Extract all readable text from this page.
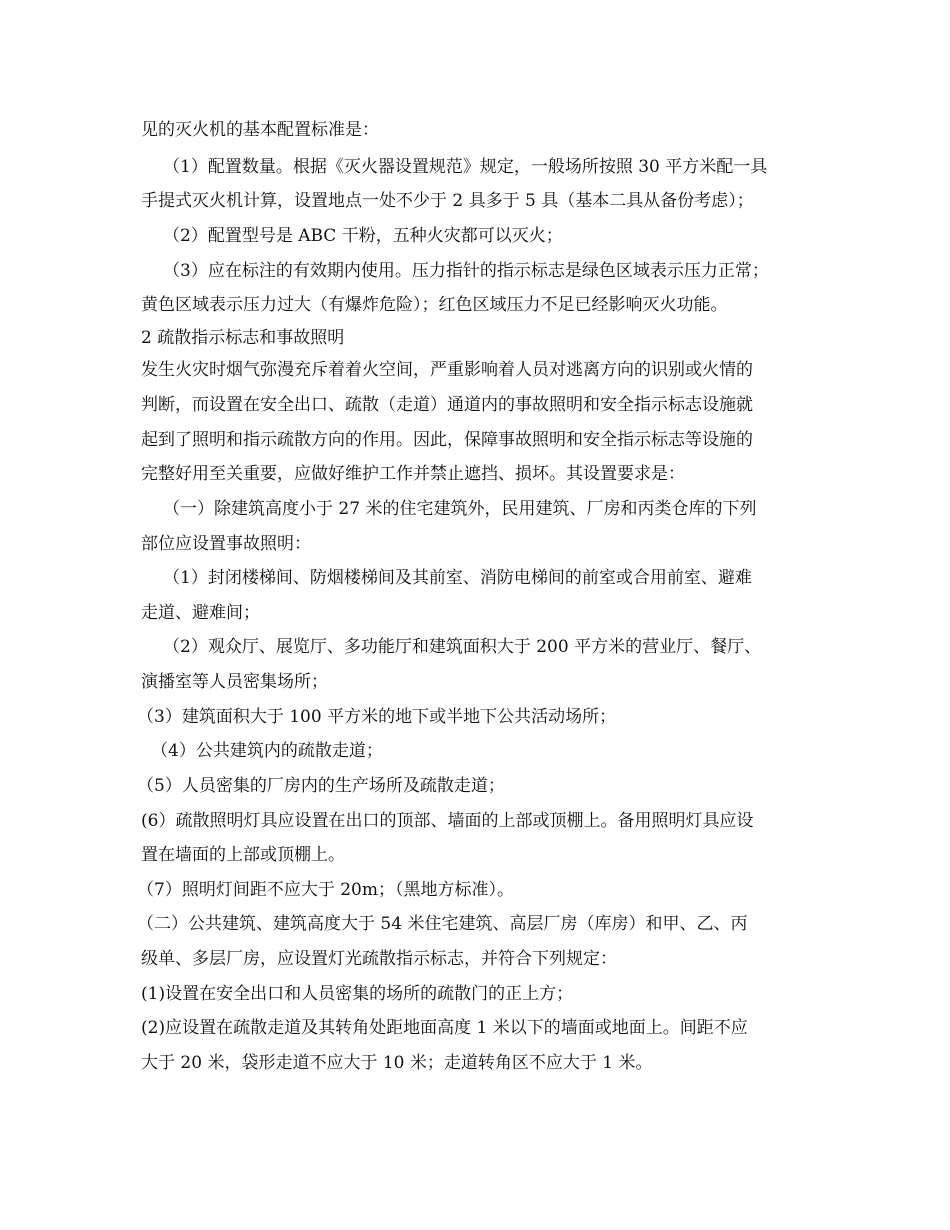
见的灭火机的基本配置标准是：
（1）配置数量。根据《灭火器设置规范》规定，一般场所按照 30 平方米配一具
手提式灭火机计算，设置地点一处不少于 2 具多于 5 具（基本二具从备份考虑）；
（2）配置型号是 ABC 干粉，五种火灾都可以灭火；
（3）应在标注的有效期内使用。压力指针的指示标志是绿色区域表示压力正常；
黄色区域表示压力过大（有爆炸危险）；红色区域压力不足已经影响灭火功能。
2 疏散指示标志和事故照明
发生火灾时烟气弥漫充斥着着火空间，严重影响着人员对逃离方向的识别或火情的
判断，而设置在安全出口、疏散（走道）通道内的事故照明和安全指示标志设施就
起到了照明和指示疏散方向的作用。因此，保障事故照明和安全指示标志等设施的
完整好用至关重要，应做好维护工作并禁止遮挡、损坏。其设置要求是：
（一）除建筑高度小于 27 米的住宅建筑外，民用建筑、厂房和丙类仓库的下列
部位应设置事故照明：
（1）封闭楼梯间、防烟楼梯间及其前室、消防电梯间的前室或合用前室、避难
走道、避难间；
（2）观众厅、展览厅、多功能厅和建筑面积大于 200 平方米的营业厅、餐厅、
演播室等人员密集场所；
（3）建筑面积大于 100 平方米的地下或半地下公共活动场所；
（4）公共建筑内的疏散走道；
（5）人员密集的厂房内的生产场所及疏散走道；
(6）疏散照明灯具应设置在出口的顶部、墙面的上部或顶棚上。备用照明灯具应设
置在墙面的上部或顶棚上。
（7）照明灯间距不应大于 20m；（黑地方标准）。
（二）公共建筑、建筑高度大于 54 米住宅建筑、高层厂房（库房）和甲、乙、丙
级单、多层厂房，应设置灯光疏散指示标志，并符合下列规定：
(1)设置在安全出口和人员密集的场所的疏散门的正上方；
(2)应设置在疏散走道及其转角处距地面高度 1 米以下的墙面或地面上。间距不应
大于 20 米，袋形走道不应大于 10 米；走道转角区不应大于 1 米。
